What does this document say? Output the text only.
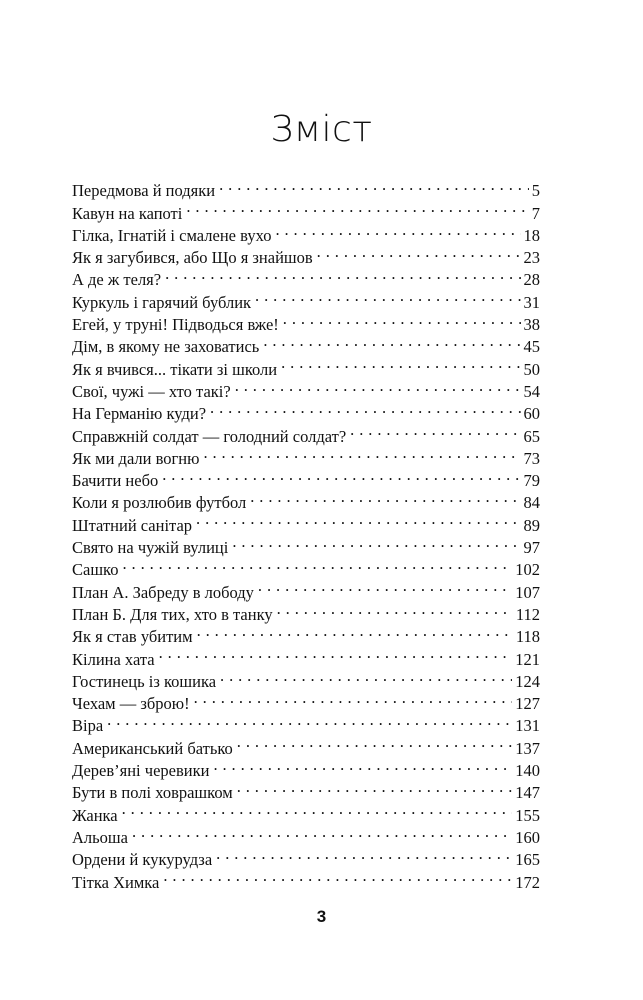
Зміст
Передмова й подяки . . .	5
Кавун на капоті . . .	7
Гілка, Ігнатій і смалене вухо . . .	18
Як я загубився, або Що я знайшов . . .	23
А де ж теля? . . .	28
Куркуль і гарячий бублик . . .	31
Егей, у труні! Підводься вже! . . .	38
Дім, в якому не заховатись . . .	45
Як я вчився... тікати зі школи . . .	50
Свої, чужі — хто такі? . . .	54
На Германію куди? . . .	60
Справжній солдат — голодний солдат? . . .	65
Як ми дали вогню . . .	73
Бачити небо . . .	79
Коли я розлюбив футбол . . .	84
Штатний санітар . . .	89
Свято на чужій вулиці . . .	97
Сашко . . .	102
План А. Забреду в лободу . . .	107
План Б. Для тих, хто в танку . . .	112
Як я став убитим . . .	118
Кілина хата . . .	121
Гостинець із кошика . . .	124
Чехам — зброю! . . .	127
Віра . . .	131
Американський батько . . .	137
Дерев’яні черевики . . .	140
Бути в полі ховрашком . . .	147
Жанка . . .	155
Альоша . . .	160
Ордени й кукурудза . . .	165
Тітка Химка . . .	172
3
